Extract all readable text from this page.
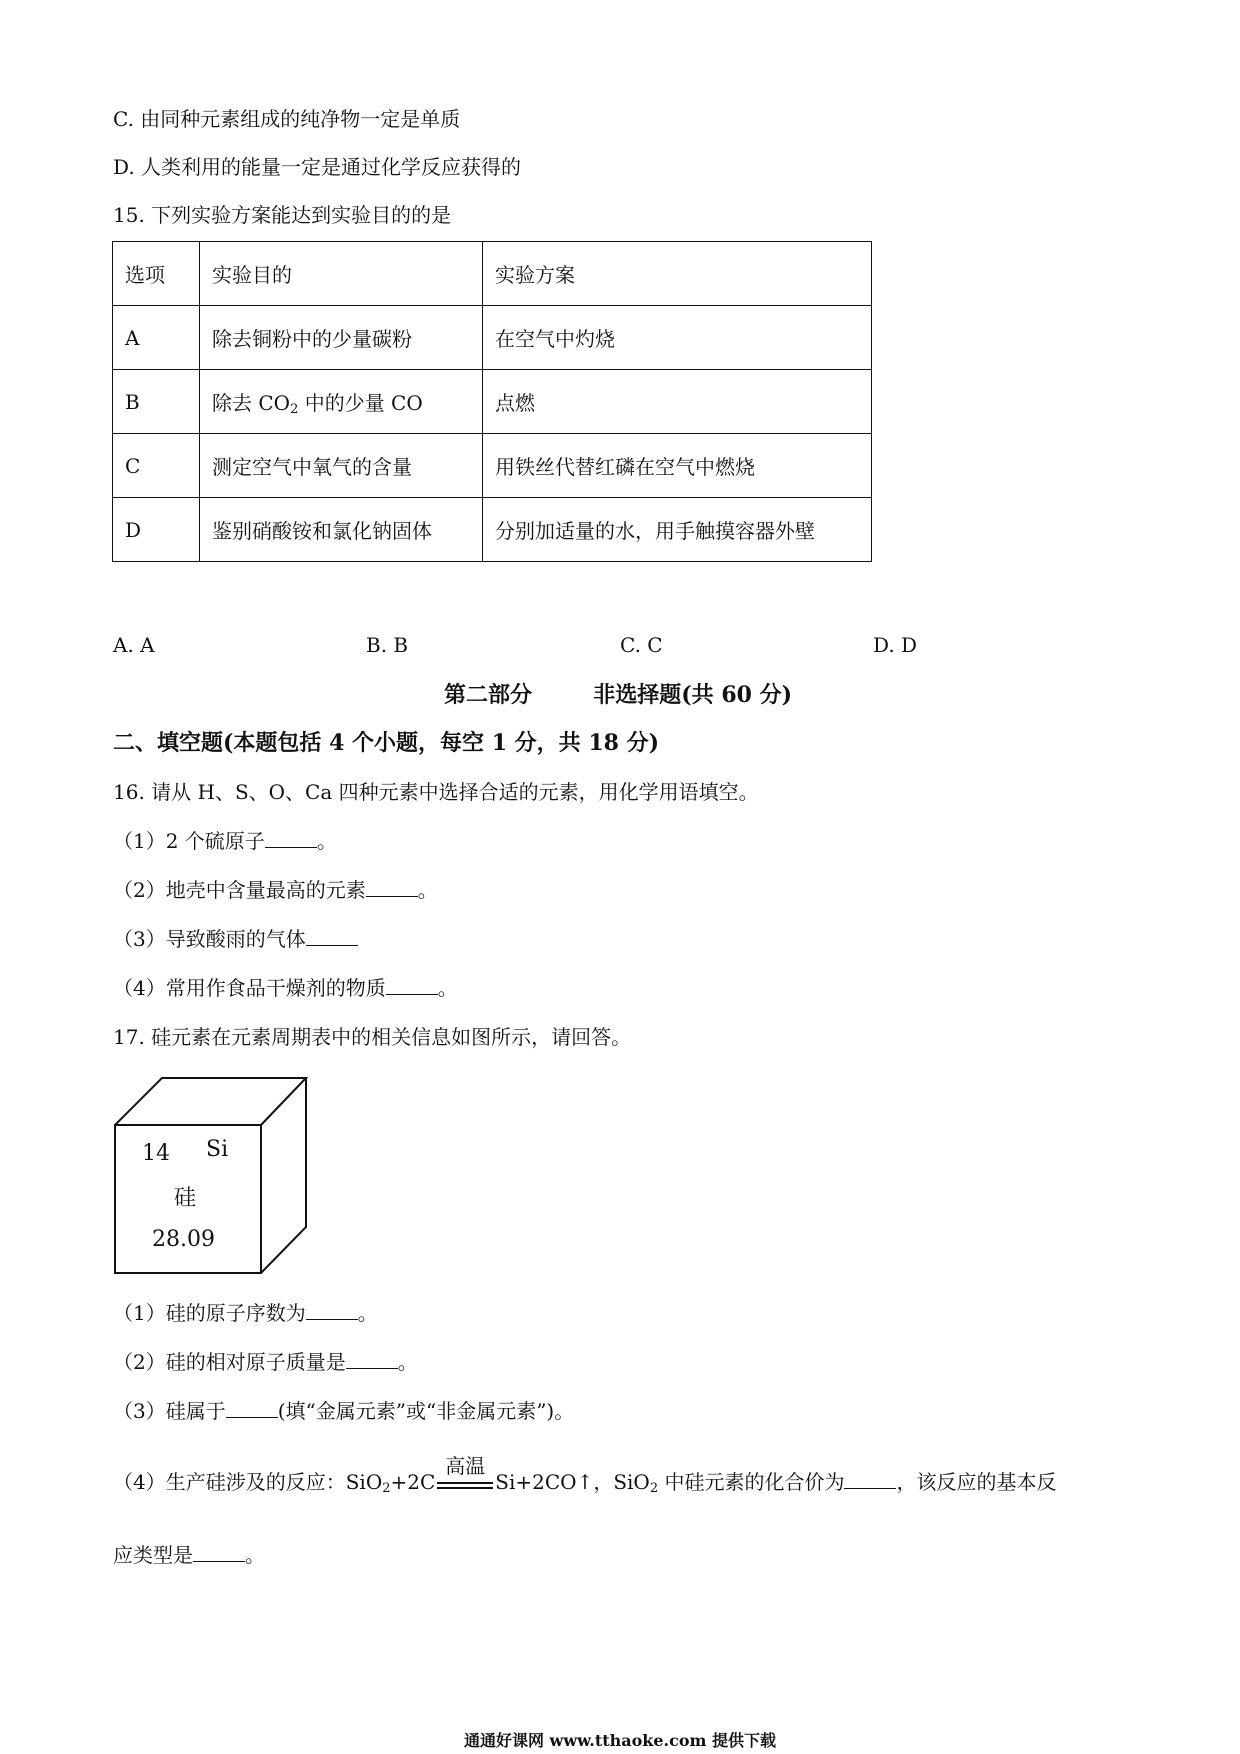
C. 由同种元素组成的纯净物一定是单质
D. 人类利用的能量一定是通过化学反应获得的
15. 下列实验方案能达到实验目的的是
选项	实验目的	实验方案
A	除去铜粉中的少量碳粉	在空气中灼烧
B	除去 $CO_2$ 中的少量 CO	点燃
C	测定空气中氧气的含量	用铁丝代替红磷在空气中燃烧
D	鉴别硝酸铵和氯化钠固体	分别加适量的水，用手触摸容器外壁
A. A	B. B	C. C	D. D
第二部分        非选择题(共 60 分)
二、填空题(本题包括 4 个小题，每空 1 分，共 18 分)
16. 请从 H、S、O、Ca 四种元素中选择合适的元素，用化学用语填空。
（1）2 个硫原子	。
（2）地壳中含量最高的元素	。
（3）导致酸雨的气体
（4）常用作食品干燥剂的物质	。
17. 硅元素在元素周期表中的相关信息如图所示，请回答。
14 Si
硅
28.09
（1）硅的原子序数为	。
（2）硅的相对原子质量是	。
（3）硅属于	(填“金属元素”或“非金属元素”)。
（4）生产硅涉及的反应：SiO$_2$+2C
高温
Si+2CO↑，SiO$_2$ 中硅元素的化合价为	，该反应的基本反
应类型是	。
通通好课网 www.tthaoke.com 提供下载
